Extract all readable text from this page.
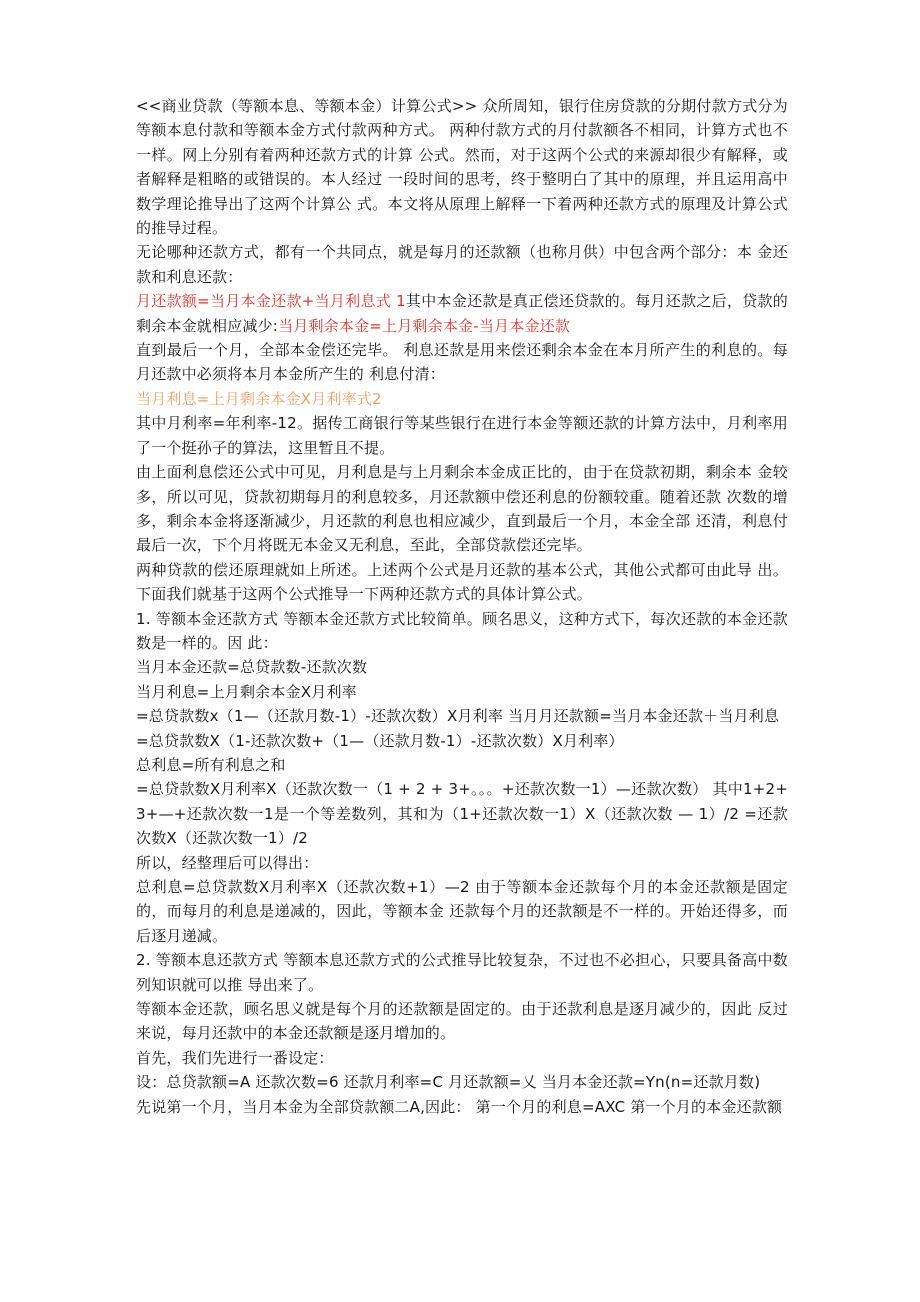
<<商业贷款（等额本息、等额本金）计算公式>> 众所周知，银行住房贷款的分期付款方式分为等额本息付款和等额本金方式付款两种方式。 两种付款方式的月付款额各不相同，计算方式也不一样。网上分别有着两种还款方式的计算 公式。然而，对于这两个公式的来源却很少有解释，或者解释是粗略的或错误的。本人经过 一段时间的思考，终于整明白了其中的原理，并且运用高中数学理论推导出了这两个计算公 式。本文将从原理上解释一下着两种还款方式的原理及计算公式的推导过程。

无论哪种还款方式，都有一个共同点，就是每月的还款额（也称月供）中包含两个部分：本 金还款和利息还款：

月还款额=当月本金还款+当月利息式 1其中本金还款是真正偿还贷款的。每月还款之后，贷款的剩余本金就相应减少:当月剩余本金=上月剩余本金-当月本金还款

直到最后一个月，全部本金偿还完毕。 利息还款是用来偿还剩余本金在本月所产生的利息的。每月还款中必须将本月本金所产生的 利息付清：

当月利息=上月剩余本金X月利率式2

其中月利率=年利率-12。据传工商银行等某些银行在进行本金等额还款的计算方法中，月利率用了一个挺孙子的算法，这里暂且不提。

由上面利息偿还公式中可见，月利息是与上月剩余本金成正比的，由于在贷款初期，剩余本 金较多，所以可见，贷款初期每月的利息较多，月还款额中偿还利息的份额较重。随着还款 次数的增多，剩余本金将逐渐减少，月还款的利息也相应减少，直到最后一个月，本金全部 还清，利息付最后一次，下个月将既无本金又无利息，至此，全部贷款偿还完毕。

两种贷款的偿还原理就如上所述。上述两个公式是月还款的基本公式，其他公式都可由此导 出。下面我们就基于这两个公式推导一下两种还款方式的具体计算公式。

1. 等额本金还款方式 等额本金还款方式比较简单。顾名思义，这种方式下，每次还款的本金还款数是一样的。因 此：

当月本金还款=总贷款数-还款次数

当月利息=上月剩余本金X月利率

=总贷款数x（1—（还款月数-1）-还款次数）X月利率 当月月还款额=当月本金还款＋当月利息

=总贷款数X（1-还款次数+（1—（还款月数-1）-还款次数）X月利率）

总利息=所有利息之和

=总贷款数X月利率X（还款次数一（1 + 2 + 3+。。。+还款次数一1）—还款次数） 其中1+2+3+—+还款次数一1是一个等差数列，其和为（1+还款次数一1）X（还款次数 — 1）/2 =还款次数X（还款次数一1）/2

所以，经整理后可以得出：

总利息=总贷款数X月利率X（还款次数+1）—2 由于等额本金还款每个月的本金还款额是固定的，而每月的利息是递减的，因此，等额本金 还款每个月的还款额是不一样的。开始还得多，而后逐月递减。

2. 等额本息还款方式 等额本息还款方式的公式推导比较复杂，不过也不必担心，只要具备高中数列知识就可以推 导出来了。

等额本金还款，顾名思义就是每个月的还款额是固定的。由于还款利息是逐月减少的，因此 反过来说，每月还款中的本金还款额是逐月增加的。

首先，我们先进行一番设定：

设：总贷款额=A 还款次数=6 还款月利率=C 月还款额=乂 当月本金还款=Yn(n=还款月数)

先说第一个月，当月本金为全部贷款额二A,因此： 第一个月的利息=AXC 第一个月的本金还款额
